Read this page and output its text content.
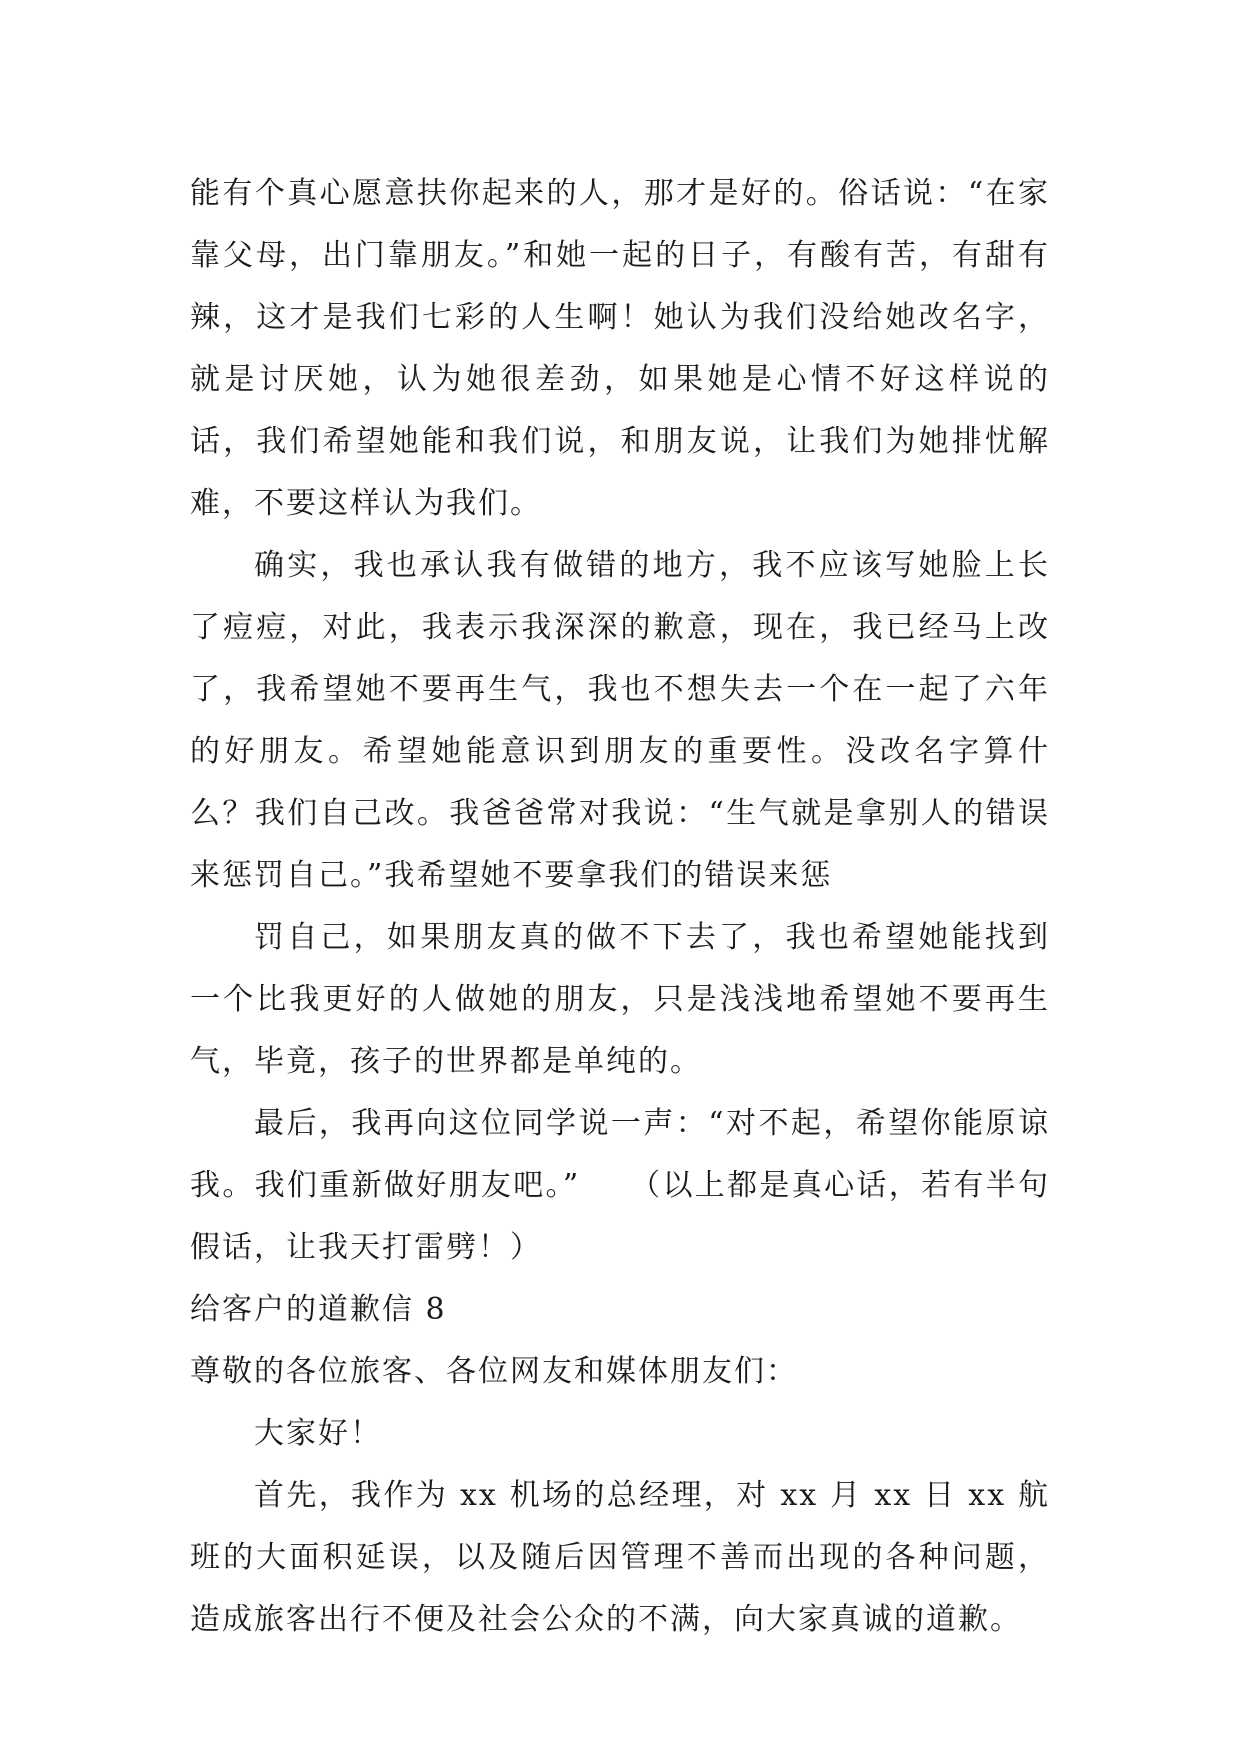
能有个真心愿意扶你起来的人，那才是好的。俗话说：“在家靠父母，出门靠朋友。”和她一起的日子，有酸有苦，有甜有辣，这才是我们七彩的人生啊！她认为我们没给她改名字，就是讨厌她，认为她很差劲，如果她是心情不好这样说的话，我们希望她能和我们说，和朋友说，让我们为她排忧解难，不要这样认为我们。

确实，我也承认我有做错的地方，我不应该写她脸上长了痘痘，对此，我表示我深深的歉意，现在，我已经马上改了，我希望她不要再生气，我也不想失去一个在一起了六年的好朋友。希望她能意识到朋友的重要性。没改名字算什么？我们自己改。我爸爸常对我说：“生气就是拿别人的错误来惩罚自己。”我希望她不要拿我们的错误来惩

罚自己，如果朋友真的做不下去了，我也希望她能找到一个比我更好的人做她的朋友，只是浅浅地希望她不要再生气，毕竟，孩子的世界都是单纯的。

最后，我再向这位同学说一声：“对不起，希望你能原谅我。我们重新做好朋友吧。”　　（以上都是真心话，若有半句假话，让我天打雷劈！）

给客户的道歉信 8

尊敬的各位旅客、各位网友和媒体朋友们：

大家好！

首先，我作为 xx 机场的总经理，对 xx 月 xx 日 xx 航班的大面积延误，以及随后因管理不善而出现的各种问题，造成旅客出行不便及社会公众的不满，向大家真诚的道歉。
